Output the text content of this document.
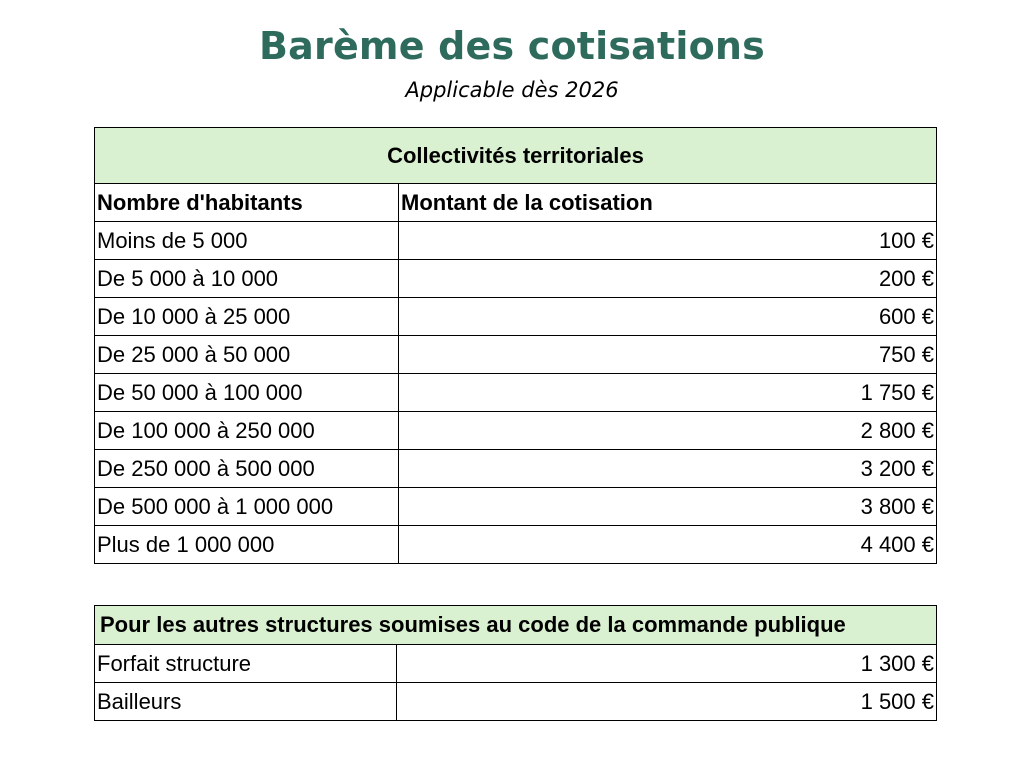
Barème des cotisations
Applicable dès 2026
Collectivités territoriales	
Nombre d'habitants	Montant de la cotisation
Moins de 5 000	100 €
De 5 000 à 10 000	200 €
De 10 000 à 25 000	600 €
De 25 000 à 50 000	750 €
De 50 000 à 100 000	1 750 €
De 100 000 à 250 000	2 800 €
De 250 000 à 500 000	3 200 €
De 500 000 à 1 000 000	3 800 €
Plus de 1 000 000	4 400 €
Pour les autres structures soumises au code de la commande publique	
Forfait structure	1 300 €
Bailleurs	1 500 €
